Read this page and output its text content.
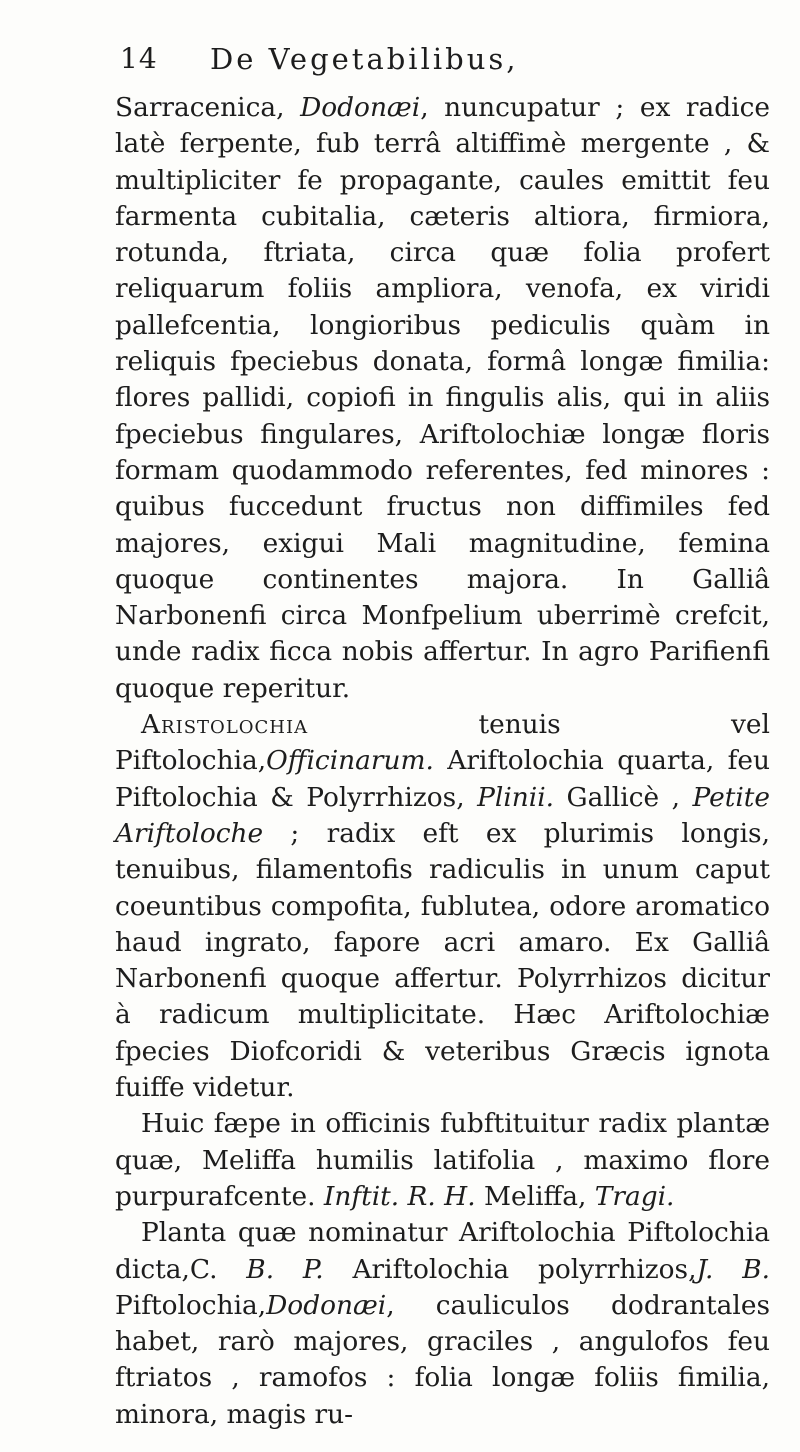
14 De Vegetabilibus,

Sarracenica, Dodonæi, nuncupatur ; ex radice latè ferpente, fub terrâ altiffimè mergente , & multipliciter fe propagante, caules emittit feu farmenta cubitalia, cæteris altiora, firmiora, rotunda, ftriata, circa quæ folia profert reliquarum foliis ampliora, venofa, ex viridi pallefcentia, longioribus pediculis quàm in reliquis fpeciebus donata, formâ longæ fimilia: flores pallidi, copiofi in fingulis alis, qui in aliis fpeciebus fingulares, Ariftolochiæ longæ floris formam quodammodo referentes, fed minores : quibus fuccedunt fructus non diffimiles fed majores, exigui Mali magnitudine, femina quoque continentes majora. In Galliâ Narbonenfi circa Monfpelium uberrimè crefcit, unde radix ficca nobis affertur. In agro Parifienfi quoque reperitur.

Aristolochia tenuis vel Piftolochia,Officinarum. Ariftolochia quarta, feu Piftolochia & Polyrrhizos, Plinii. Gallicè , Petite Ariftoloche ; radix eft ex plurimis longis, tenuibus, filamentofis radiculis in unum caput coeuntibus compofita, fublutea, odore aromatico haud ingrato, fapore acri amaro. Ex Galliâ Narbonenfi quoque affertur. Polyrrhizos dicitur à radicum multiplicitate. Hæc Ariftolochiæ fpecies Diofcoridi & veteribus Græcis ignota fuiffe videtur.

Huic fæpe in officinis fubftituitur radix plantæ quæ, Meliffa humilis latifolia , maximo flore purpurafcente. Inftit. R. H. Meliffa, Tragi.

Planta quæ nominatur Ariftolochia Piftolochia dicta,C. B. P. Ariftolochia polyrrhizos,J. B. Piftolochia,Dodonæi, cauliculos dodrantales habet, rarò majores, graciles , angulofos feu ftriatos , ramofos : folia longæ foliis fimilia, minora, magis ru-
